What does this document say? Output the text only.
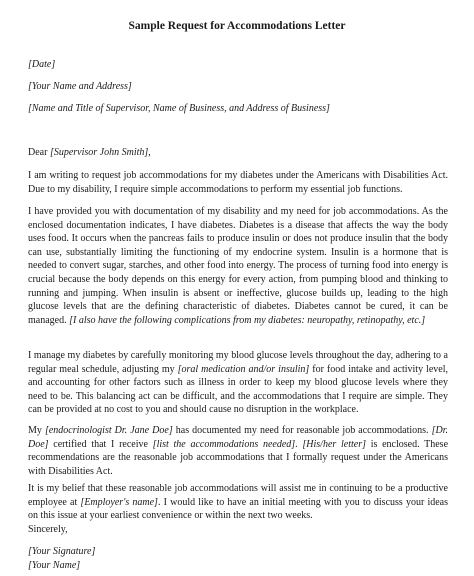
Sample Request for Accommodations Letter
[Date]
[Your Name and Address]
[Name and Title of Supervisor, Name of Business, and Address of Business]
Dear [Supervisor John Smith],
I am writing to request job accommodations for my diabetes under the Americans with Disabilities Act. Due to my disability, I require simple accommodations to perform my essential job functions.
I have provided you with documentation of my disability and my need for job accommodations. As the enclosed documentation indicates, I have diabetes. Diabetes is a disease that affects the way the body uses food. It occurs when the pancreas fails to produce insulin or does not produce insulin that the body can use, substantially limiting the functioning of my endocrine system. Insulin is a hormone that is needed to convert sugar, starches, and other food into energy. The process of turning food into energy is crucial because the body depends on this energy for every action, from pumping blood and thinking to running and jumping. When insulin is absent or ineffective, glucose builds up, leading to the high glucose levels that are the defining characteristic of diabetes. Diabetes cannot be cured, it can be managed. [I also have the following complications from my diabetes: neuropathy, retinopathy, etc.]
I manage my diabetes by carefully monitoring my blood glucose levels throughout the day, adhering to a regular meal schedule, adjusting my [oral medication and/or insulin] for food intake and activity level, and accounting for other factors such as illness in order to keep my blood glucose levels where they need to be. This balancing act can be difficult, and the accommodations that I require are simple. They can be provided at no cost to you and should cause no disruption in the workplace.
My [endocrinologist Dr. Jane Doe] has documented my need for reasonable job accommodations. [Dr. Doe] certified that I receive [list the accommodations needed]. [His/her letter] is enclosed. These recommendations are the reasonable job accommodations that I formally request under the Americans with Disabilities Act.
It is my belief that these reasonable job accommodations will assist me in continuing to be a productive employee at [Employer's name]. I would like to have an initial meeting with you to discuss your ideas on this issue at your earliest convenience or within the next two weeks.
Sincerely,
[Your Signature]
[Your Name]
